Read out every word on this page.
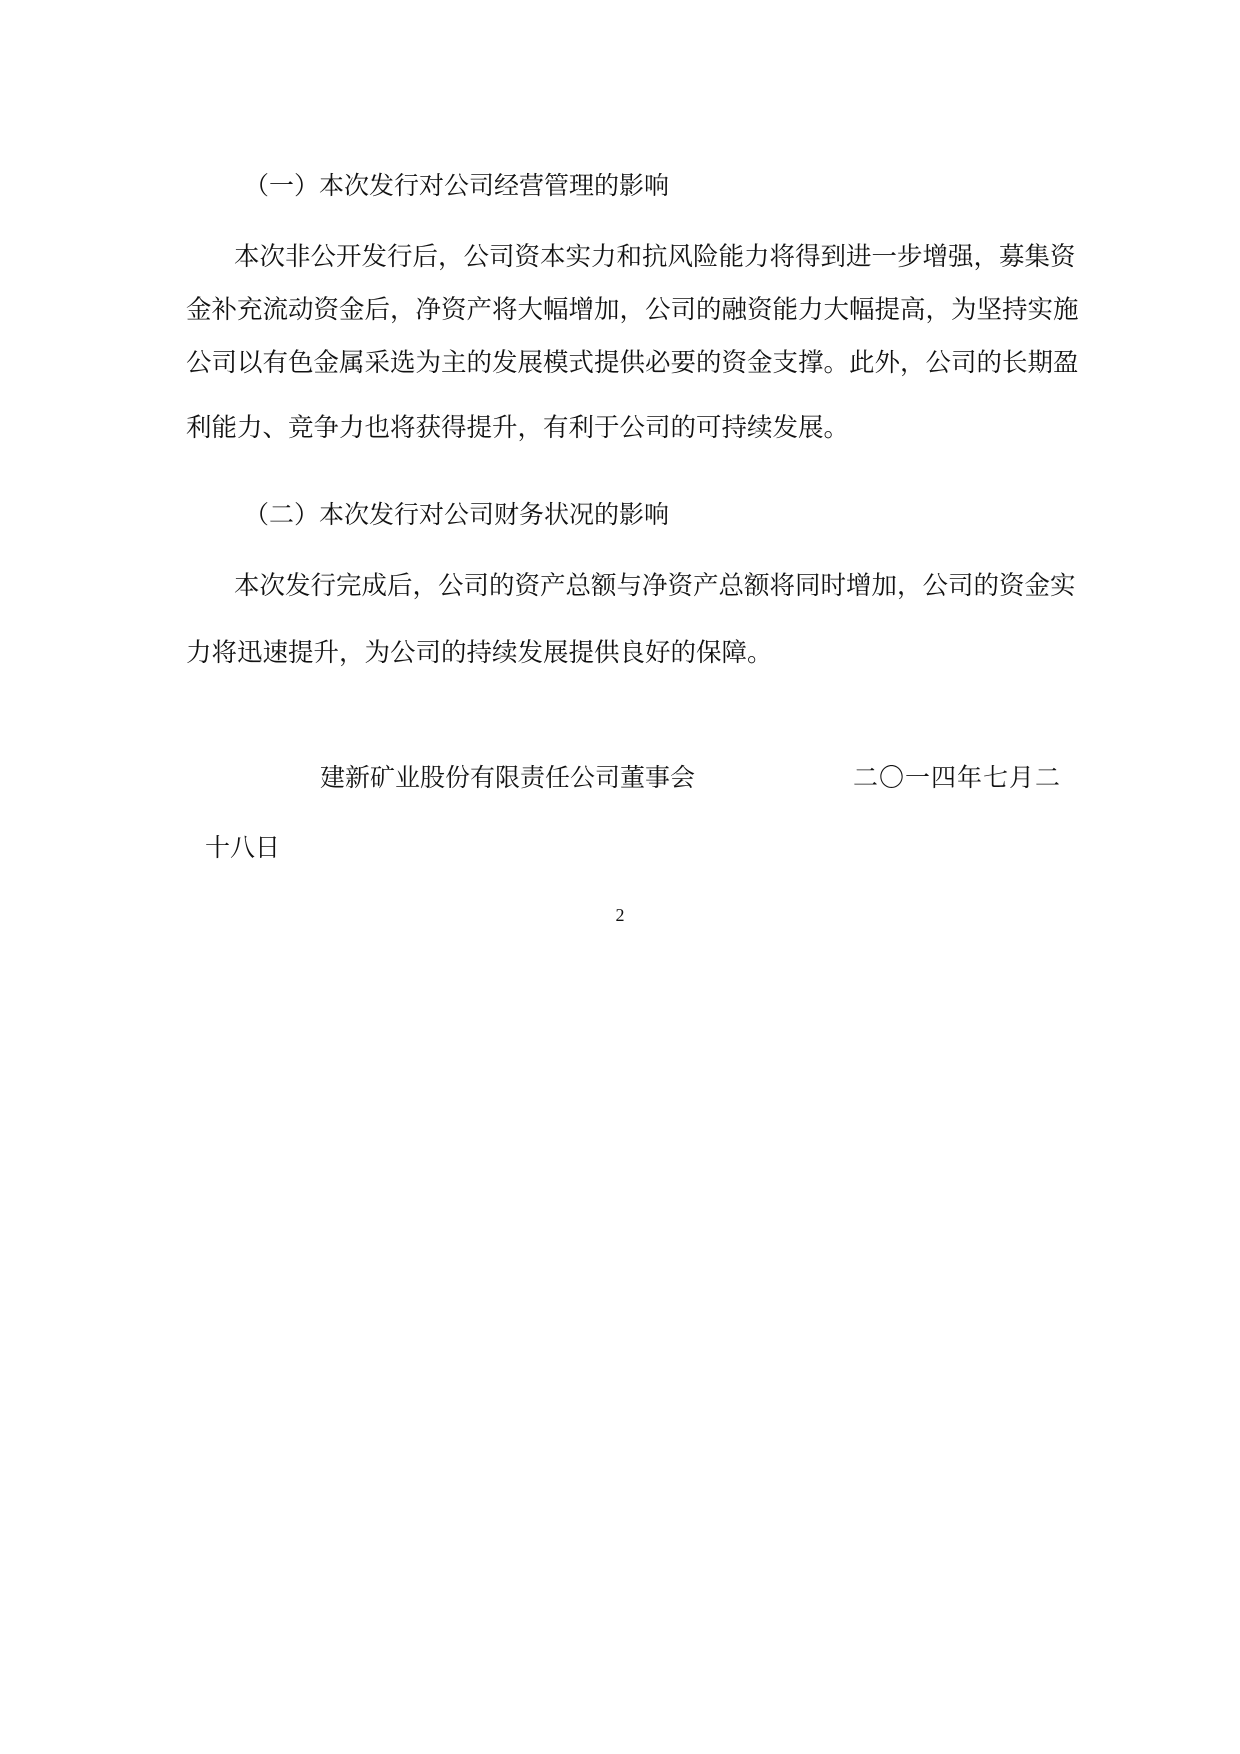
（一）本次发行对公司经营管理的影响
本次非公开发行后，公司资本实力和抗风险能力将得到进一步增强，募集资
金补充流动资金后，净资产将大幅增加，公司的融资能力大幅提高，为坚持实施
公司以有色金属采选为主的发展模式提供必要的资金支撑。此外，公司的长期盈
利能力、竞争力也将获得提升，有利于公司的可持续发展。
（二）本次发行对公司财务状况的影响
本次发行完成后，公司的资产总额与净资产总额将同时增加，公司的资金实
力将迅速提升，为公司的持续发展提供良好的保障。
建新矿业股份有限责任公司董事会	二〇一四年七月二
十八日
2
